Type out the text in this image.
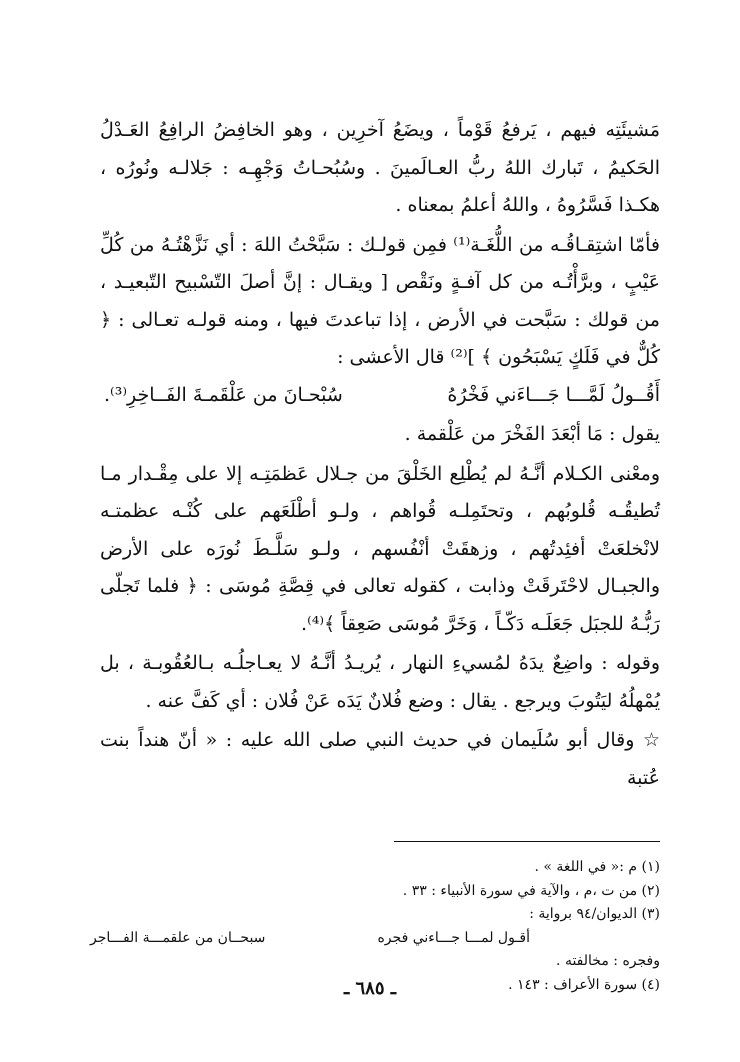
مَشيئَتِه فيهم ، يَرفعُ قَوْماً ، ويضَعُ آخرِين ، وهو الخافِضُ الرافِعُ العَـدْلُ الحَكيمُ ، تَبارك اللهُ ربُّ العـالَمينَ . وسُبُحـاتُ وَجْهِـه : جَلالـه ونُورُه ، هكـذا فَسَّرُوهُ ، واللهُ أعلمُ بمعناه .

فأمّا اشتِقـاقُـه من اللُّغَـة⁽¹⁾ فمِن قولـك : سَبَّحْتُ اللهَ : أي نَزَّهْتُـهُ من كُلِّ عَيْبٍ ، وبرَّأْتُـه من كل آفـةٍ ونَقْص [ ويقـال : إنَّ أصلَ التّسْبيح التّبعيـد ، من قولك : سَبَّحت في الأرض ، إذا تباعدتَ فيها ، ومنه قولـه تعـالى : ﴿ كُلٌّ في فَلَكٍ يَسْبَحُون ﴾ ]⁽²⁾ قال الأعشى :

أَقُــولُ لَمَّـــا جَـــاءَني فَخْرُهُ
سُبْحـانَ من عَلْقَمـةَ الفَــاخِرِ⁽³⁾.

يقول : مَا أبْعَدَ الفَخْرَ من عَلْقمة .

ومعْنى الكـلام أنَّـهُ لم يُطْلِع الخَلْقَ من جـلال عَظمَتِـه إلا على مِقْـدار مـا تُطيقُـه قُلوبُهم ، وتحتَمِلـه قُواهم ، ولـو أطْلَعَهم على كُنْـه عظمتـه لانْخلعَتْ أفئِدتُهم ، وزهقَتْ أنْفُسهم ، ولـو سَلَّـطَ نُورَه على الأرض والجبـال لاحْتَرقَتْ وذابت ، كقوله تعالى في قِصَّةِ مُوسَى : ﴿ فلما تَجلّى رَبُّـهُ للجبَل جَعَلَـه دَكّـاً ، وَخَرَّ مُوسَى صَعِقاً ﴾⁽⁴⁾.

وقوله : واضِعٌ يدَهُ لمُسيءِ النهار ، يُريـدُ أنَّـهُ لا يعـاجلُـه بـالعُقُوبـة ، بل يُمْهلُهُ ليَتُوبَ ويرجع . يقال : وضع فُلانٌ يَدَه عَنْ فُلان : أي كَفَّ عنه .

☆ وقال أبو سُلَيمان في حديث النبي صلى الله عليه : « أنّ هنداً بنت عُتبة

(١) م :« في اللغة » .

(٢) من ت ،م ، والآية في سورة الأنبياء : ٣٣ .

(٣) الديوان/٩٤ برواية :

أقـول لمـــا جـــاءني فجره
سبحــان من علقمـــة الفـــاجر

وفجره : مخالفته .

(٤) سورة الأعراف : ١٤٣ .

ـ ٦٨٥ ـ
